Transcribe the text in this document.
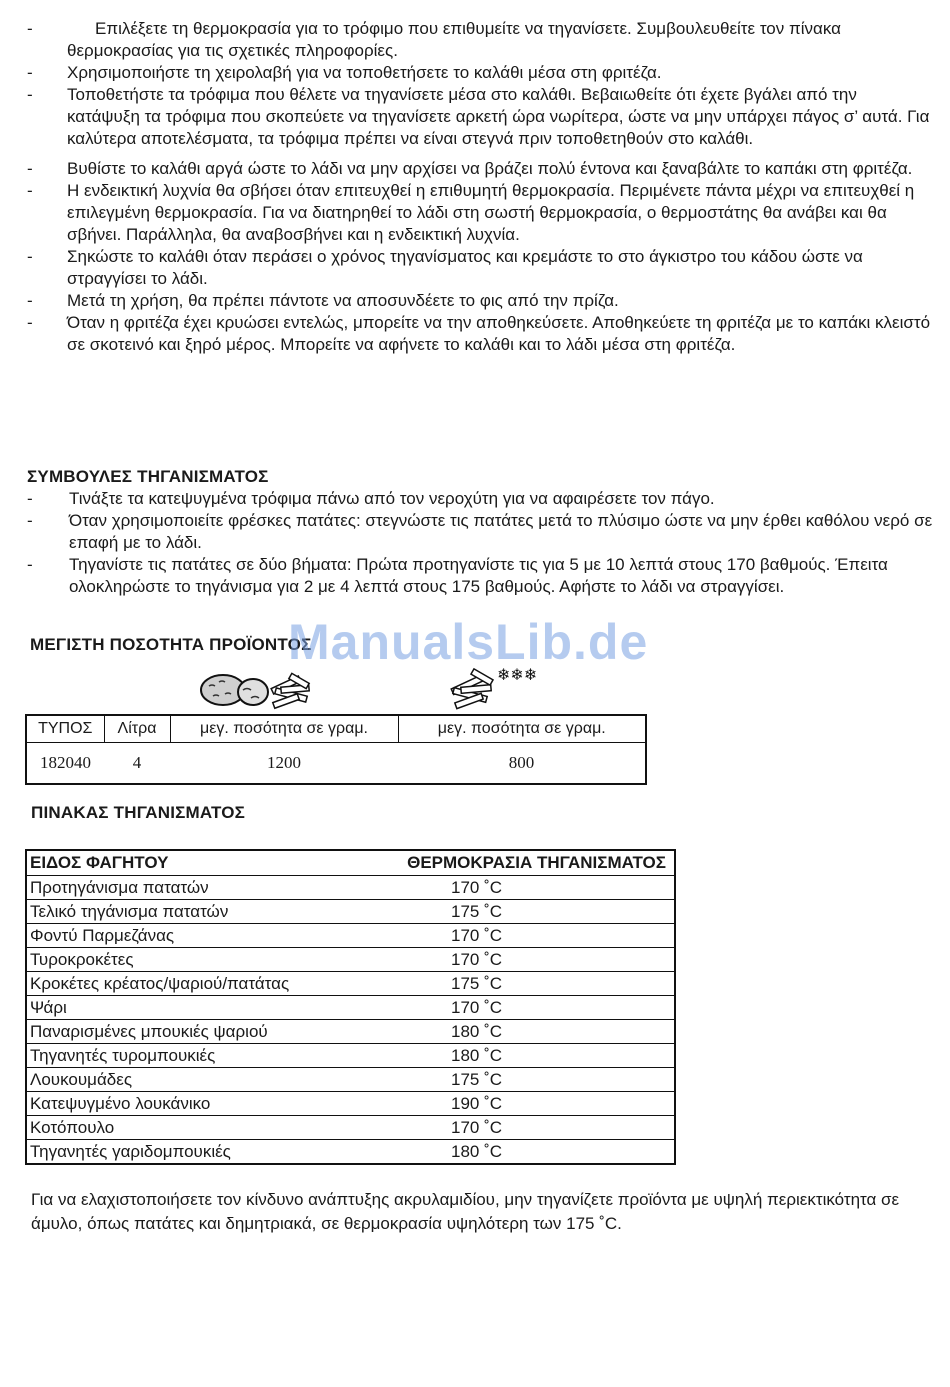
-	Επιλέξετε τη θερμοκρασία για το τρόφιμο που επιθυμείτε να τηγανίσετε. Συμβουλευθείτε τον πίνακα θερμοκρασίας για τις σχετικές πληροφορίες.
- Χρησιμοποιήστε τη χειρολαβή για να τοποθετήσετε το καλάθι μέσα στη φριτέζα.
- Τοποθετήστε τα τρόφιμα που θέλετε να τηγανίσετε μέσα στο καλάθι. Βεβαιωθείτε ότι έχετε βγάλει από την κατάψυξη τα τρόφιμα που σκοπεύετε να τηγανίσετε αρκετή ώρα νωρίτερα, ώστε να μην υπάρχει πάγος σ’ αυτά. Για καλύτερα αποτελέσματα, τα τρόφιμα πρέπει να είναι στεγνά πριν τοποθετηθούν στο καλάθι.
- Βυθίστε το καλάθι αργά ώστε το λάδι να μην αρχίσει να βράζει πολύ έντονα και ξαναβάλτε το καπάκι στη φριτέζα.
- Η ενδεικτική λυχνία θα σβήσει όταν επιτευχθεί η επιθυμητή θερμοκρασία. Περιμένετε πάντα μέχρι να επιτευχθεί η επιλεγμένη θερμοκρασία. Για να διατηρηθεί το λάδι στη σωστή θερμοκρασία, ο θερμοστάτης θα ανάβει και θα σβήνει. Παράλληλα, θα αναβοσβήνει και η ενδεικτική λυχνία.
- Σηκώστε το καλάθι όταν περάσει ο χρόνος τηγανίσματος και κρεμάστε το στο άγκιστρο του κάδου ώστε να στραγγίσει το λάδι.
- Μετά τη χρήση, θα πρέπει πάντοτε να αποσυνδέετε το φις από την πρίζα.
- Όταν η φριτέζα έχει κρυώσει εντελώς, μπορείτε να την αποθηκεύσετε. Αποθηκεύετε τη φριτέζα με το καπάκι κλειστό σε σκοτεινό και ξηρό μέρος. Μπορείτε να αφήνετε το καλάθι και το λάδι μέσα στη φριτέζα.
ΣΥΜΒΟΥΛΕΣ ΤΗΓΑΝΙΣΜΑΤΟΣ
- Τινάξτε τα κατεψυγμένα τρόφιμα πάνω από τον νεροχύτη για να αφαιρέσετε τον πάγο.
- Όταν χρησιμοποιείτε φρέσκες πατάτες: στεγνώστε τις πατάτες μετά το πλύσιμο ώστε να μην έρθει καθόλου νερό σε επαφή με το λάδι.
- Τηγανίστε τις πατάτες σε δύο βήματα: Πρώτα προτηγανίστε τις για 5 με 10 λεπτά στους 170 βαθμούς. Έπειτα ολοκληρώστε το τηγάνισμα για 2 με 4 λεπτά στους 175 βαθμούς. Αφήστε το λάδι να στραγγίσει.
ΜΕΓΙΣΤΗ ΠΟΣΟΤΗΤΑ ΠΡΟΪΟΝΤΟΣ
ManualsLib.de
❄❄❄
ΤΥΠΟΣ	Λίτρα	μεγ. ποσότητα σε γραμ.	μεγ. ποσότητα σε γραμ.
182040	4	1200	800
ΠΙΝΑΚΑΣ ΤΗΓΑΝΙΣΜΑΤΟΣ
ΕΙΔΟΣ ΦΑΓΗΤΟΥ	ΘΕΡΜΟΚΡΑΣΙΑ ΤΗΓΑΝΙΣΜΑΤΟΣ
Προτηγάνισμα πατατών	170 ˚C
Τελικό τηγάνισμα πατατών	175 ˚C
Φοντύ Παρμεζάνας	170 ˚C
Τυροκροκέτες	170 ˚C
Κροκέτες κρέατος/ψαριού/πατάτας	175 ˚C
Ψάρι	170 ˚C
Παναρισμένες μπουκιές ψαριού	180 ˚C
Τηγανητές τυρομπουκιές	180 ˚C
Λουκουμάδες	175 ˚C
Κατεψυγμένο λουκάνικο	190 ˚C
Κοτόπουλο	170 ˚C
Τηγανητές γαριδομπουκιές	180 ˚C
Για να ελαχιστοποιήσετε τον κίνδυνο ανάπτυξης ακρυλαμιδίου, μην τηγανίζετε προϊόντα με υψηλή περιεκτικότητα σε άμυλο, όπως πατάτες και δημητριακά, σε θερμοκρασία υψηλότερη των 175 ˚C.
